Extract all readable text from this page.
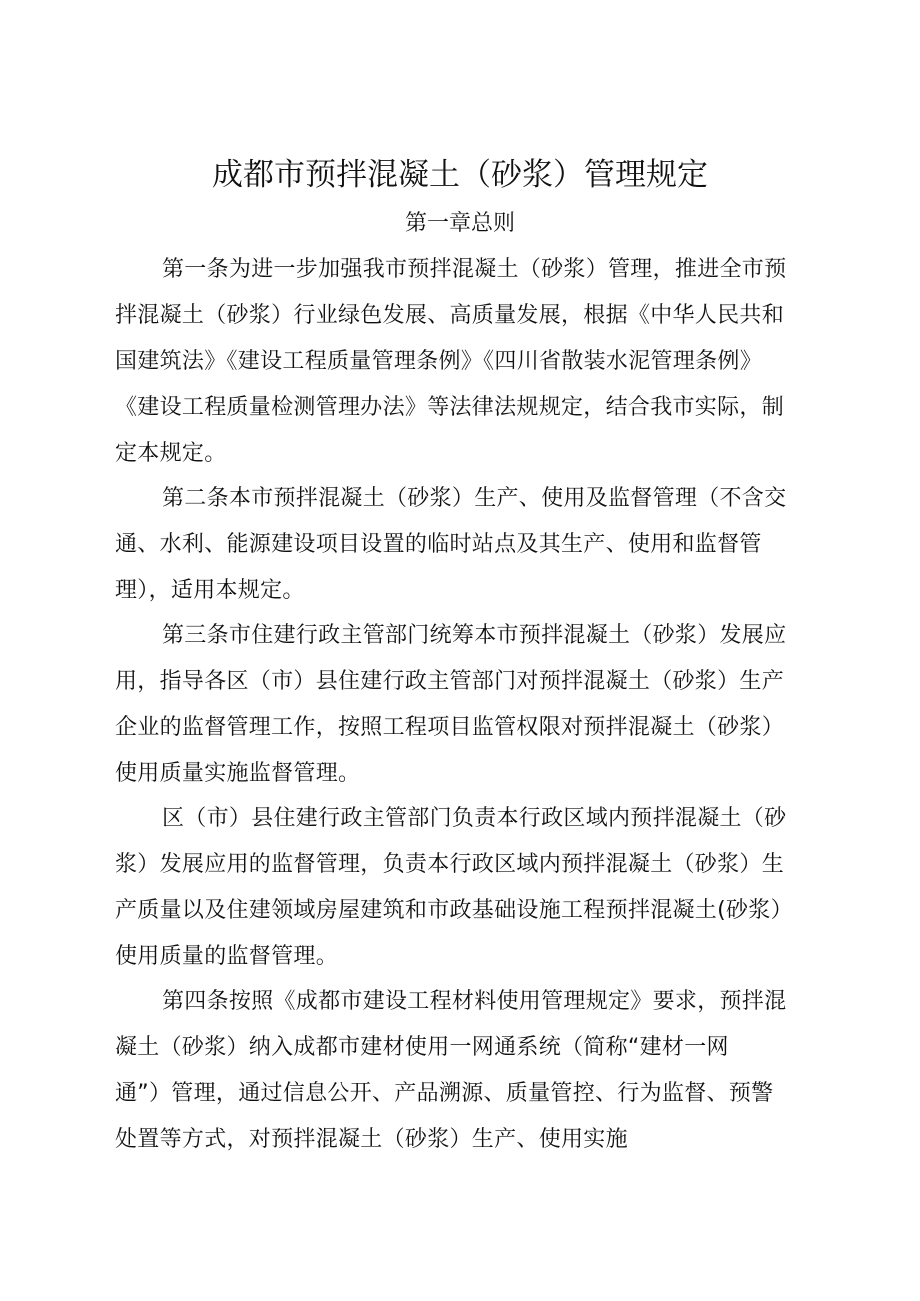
成都市预拌混凝土（砂浆）管理规定
第一章总则
第一条为进一步加强我市预拌混凝土（砂浆）管理，推进全市预
拌混凝土（砂浆）行业绿色发展、高质量发展，根据《中华人民共和
国建筑法》《建设工程质量管理条例》《四川省散装水泥管理条例》
《建设工程质量检测管理办法》等法律法规规定，结合我市实际，制
定本规定。
第二条本市预拌混凝土（砂浆）生产、使用及监督管理（不含交
通、水利、能源建设项目设置的临时站点及其生产、使用和监督管
理），适用本规定。
第三条市住建行政主管部门统筹本市预拌混凝土（砂浆）发展应
用，指导各区（市）县住建行政主管部门对预拌混凝土（砂浆）生产
企业的监督管理工作，按照工程项目监管权限对预拌混凝土（砂浆）
使用质量实施监督管理。
区（市）县住建行政主管部门负责本行政区域内预拌混凝土（砂
浆）发展应用的监督管理，负责本行政区域内预拌混凝土（砂浆）生
产质量以及住建领域房屋建筑和市政基础设施工程预拌混凝土(砂浆）
使用质量的监督管理。
第四条按照《成都市建设工程材料使用管理规定》要求，预拌混
凝土（砂浆）纳入成都市建材使用一网通系统（简称“建材一网
通”）管理，通过信息公开、产品溯源、质量管控、行为监督、预警
处置等方式，对预拌混凝土（砂浆）生产、使用实施
